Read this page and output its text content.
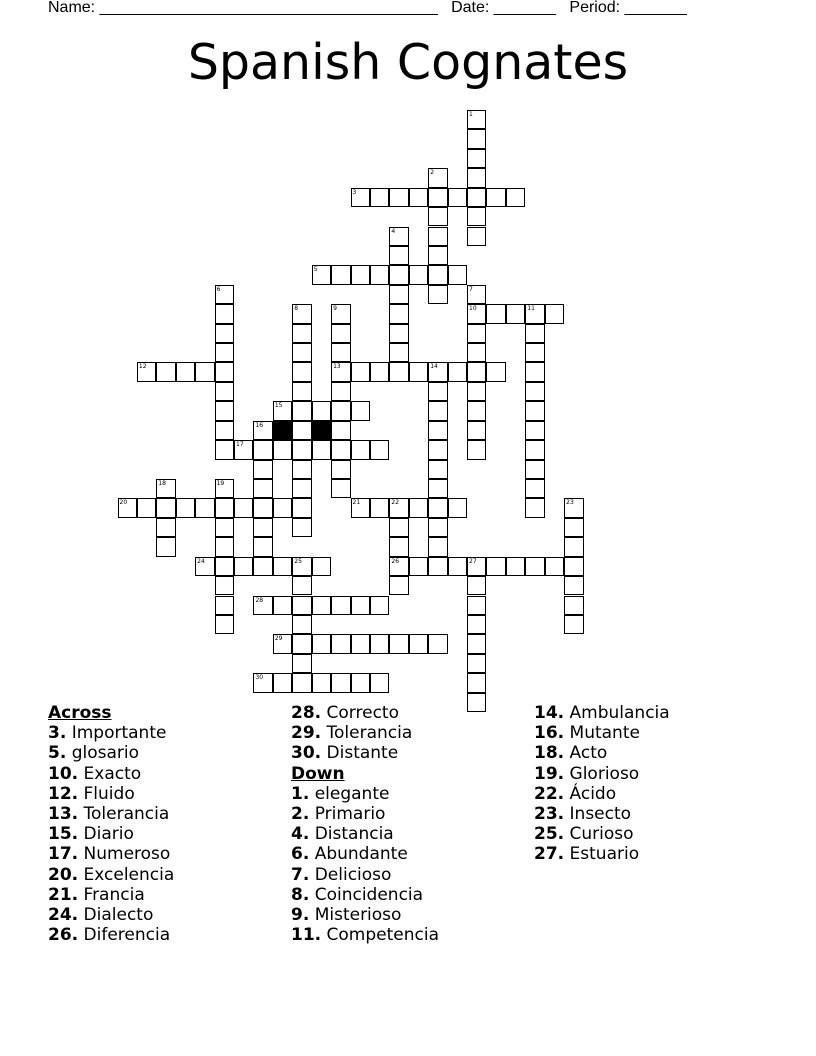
Name: ______________________________________ Date: _______ Period: _______
Spanish Cognates
3
5
10	11
12	13	14
15
17
20	21	22
24	25	26	27
28
29
30
1
2
4
6	7
8	9
16
18	19
23
Across
3. Importante
5. glosario
10. Exacto
12. Fluido
13. Tolerancia
15. Diario
17. Numeroso
20. Excelencia
21. Francia
24. Dialecto
26. Diferencia
28. Correcto
29. Tolerancia
30. Distante
Down
1. elegante
2. Primario
4. Distancia
6. Abundante
7. Delicioso
8. Coincidencia
9. Misterioso
11. Competencia
14. Ambulancia
16. Mutante
18. Acto
19. Glorioso
22. Ácido
23. Insecto
25. Curioso
27. Estuario
